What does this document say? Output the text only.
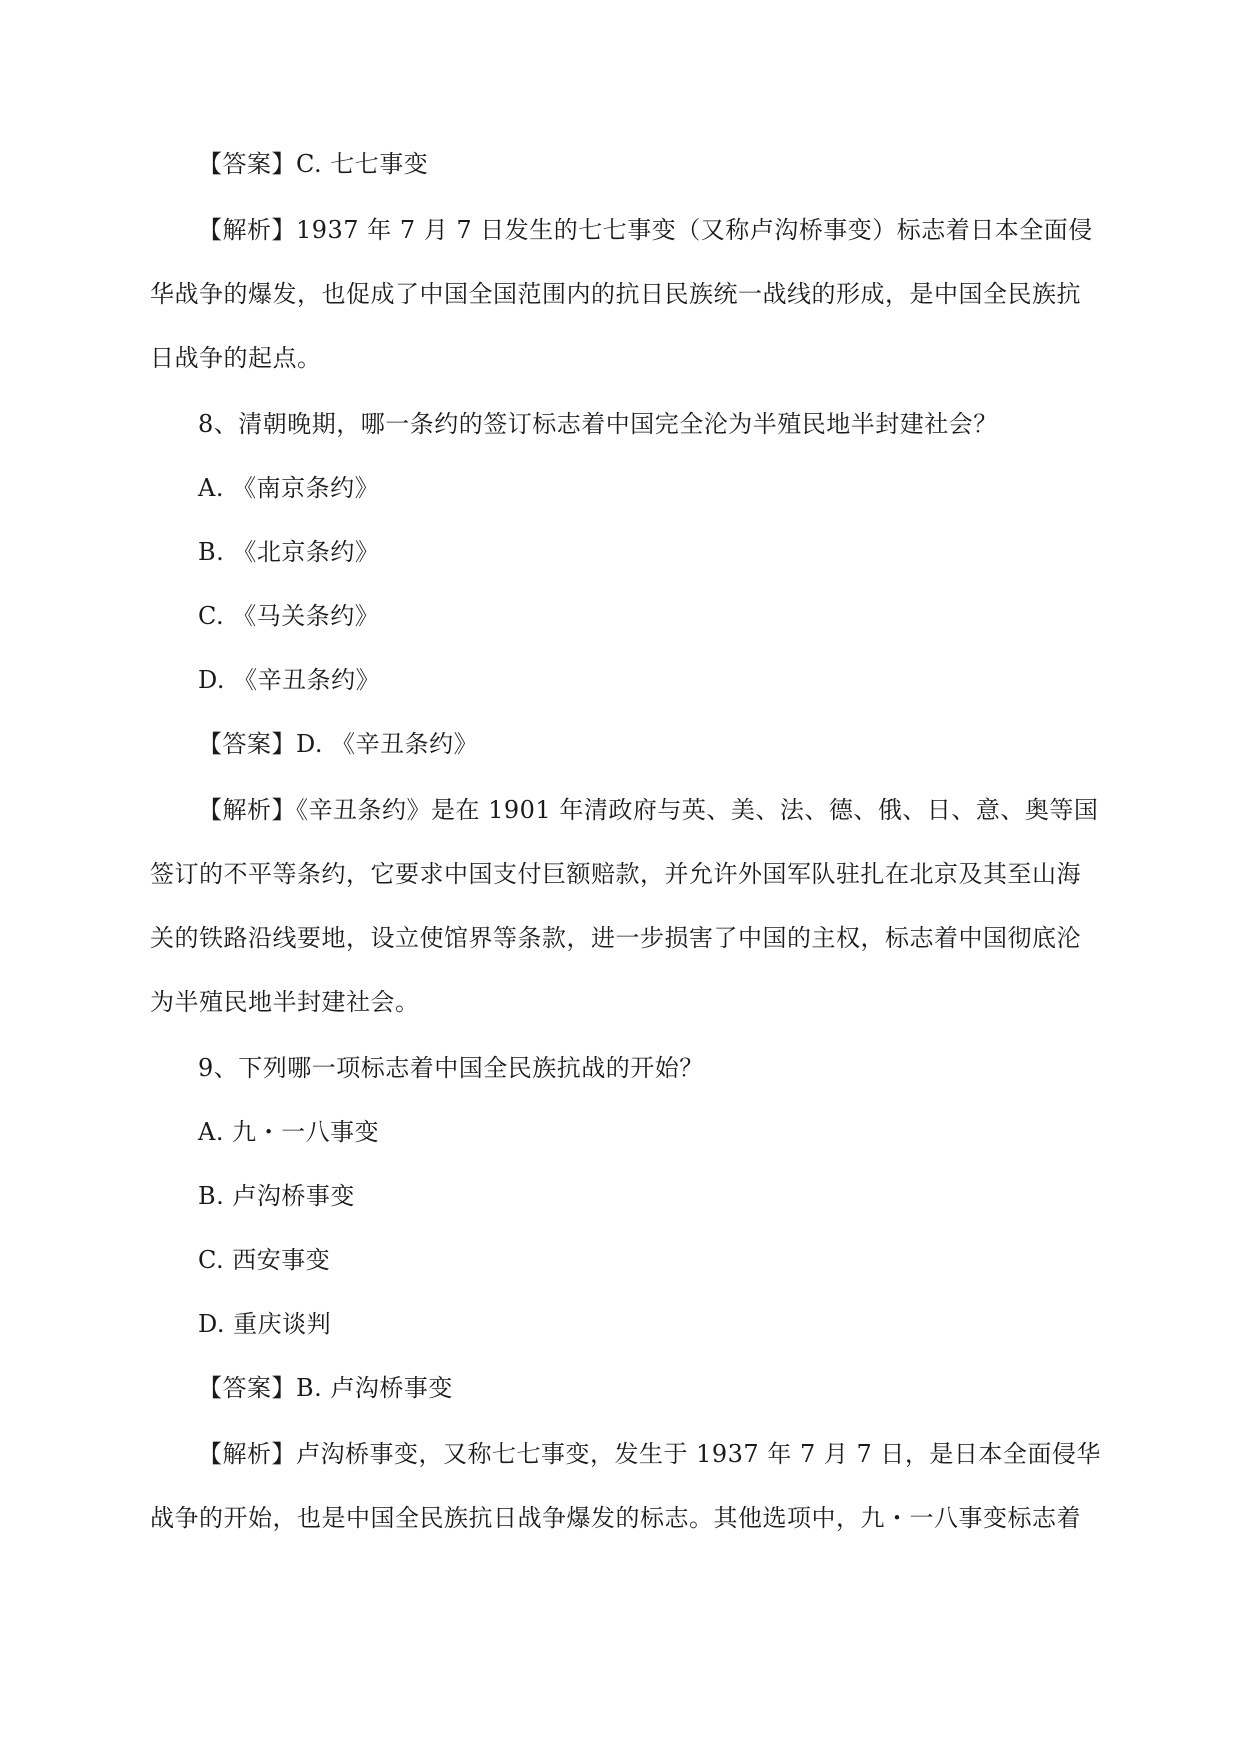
【答案】C. 七七事变
【解析】1937 年 7 月 7 日发生的七七事变（又称卢沟桥事变）标志着日本全面侵
华战争的爆发，也促成了中国全国范围内的抗日民族统一战线的形成，是中国全民族抗
日战争的起点。
8、清朝晚期，哪一条约的签订标志着中国完全沦为半殖民地半封建社会？
A. 《南京条约》
B. 《北京条约》
C. 《马关条约》
D. 《辛丑条约》
【答案】D. 《辛丑条约》
【解析】《辛丑条约》是在 1901 年清政府与英、美、法、德、俄、日、意、奥等国
签订的不平等条约，它要求中国支付巨额赔款，并允许外国军队驻扎在北京及其至山海
关的铁路沿线要地，设立使馆界等条款，进一步损害了中国的主权，标志着中国彻底沦
为半殖民地半封建社会。
9、下列哪一项标志着中国全民族抗战的开始？
A. 九・一八事变
B. 卢沟桥事变
C. 西安事变
D. 重庆谈判
【答案】B. 卢沟桥事变
【解析】卢沟桥事变，又称七七事变，发生于 1937 年 7 月 7 日，是日本全面侵华
战争的开始，也是中国全民族抗日战争爆发的标志。其他选项中，九・一八事变标志着
